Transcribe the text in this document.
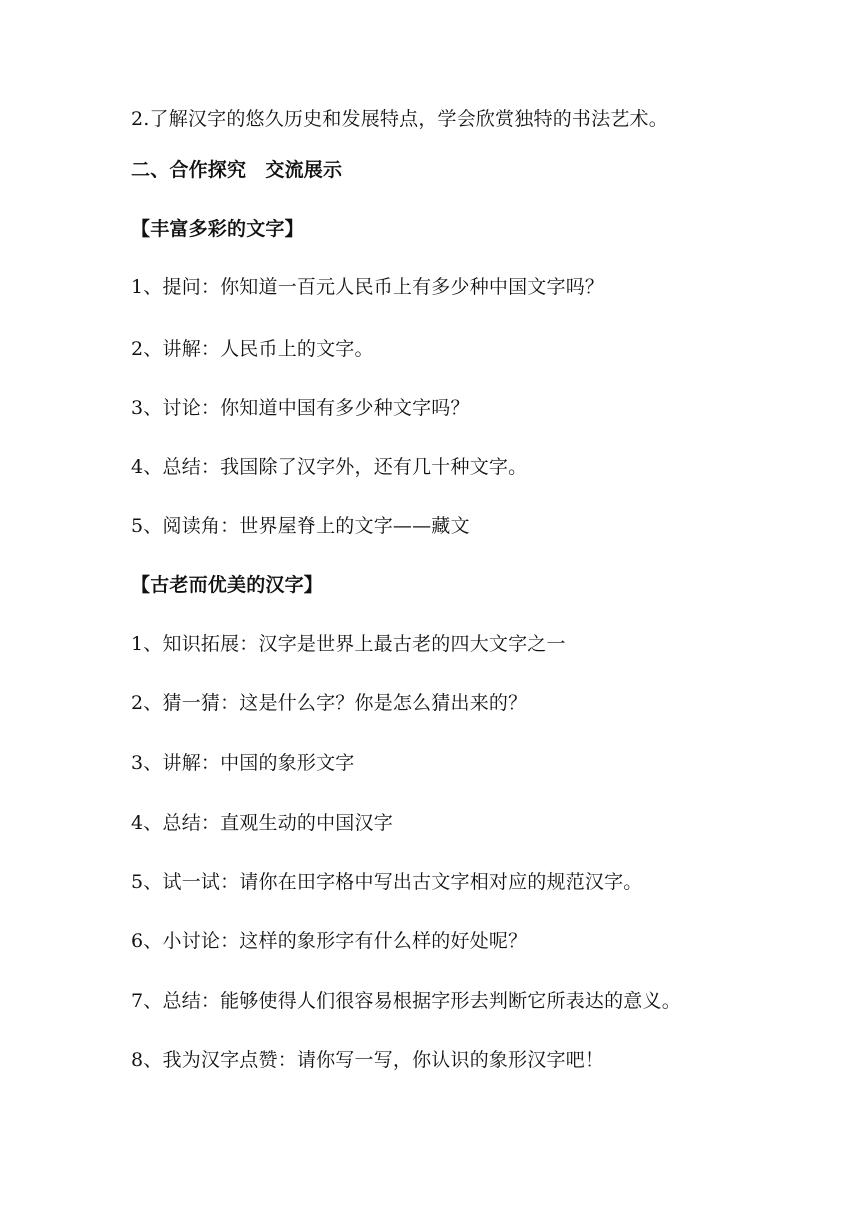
2.了解汉字的悠久历史和发展特点，学会欣赏独特的书法艺术。
二、合作探究　交流展示
【丰富多彩的文字】
1、提问：你知道一百元人民币上有多少种中国文字吗？
2、讲解：人民币上的文字。
3、讨论：你知道中国有多少种文字吗？
4、总结：我国除了汉字外，还有几十种文字。
5、阅读角：世界屋脊上的文字——藏文
【古老而优美的汉字】
1、知识拓展：汉字是世界上最古老的四大文字之一
2、猜一猜：这是什么字？你是怎么猜出来的？
3、讲解：中国的象形文字
4、总结：直观生动的中国汉字
5、试一试：请你在田字格中写出古文字相对应的规范汉字。
6、小讨论：这样的象形字有什么样的好处呢？
7、总结：能够使得人们很容易根据字形去判断它所表达的意义。
8、我为汉字点赞：请你写一写，你认识的象形汉字吧！
